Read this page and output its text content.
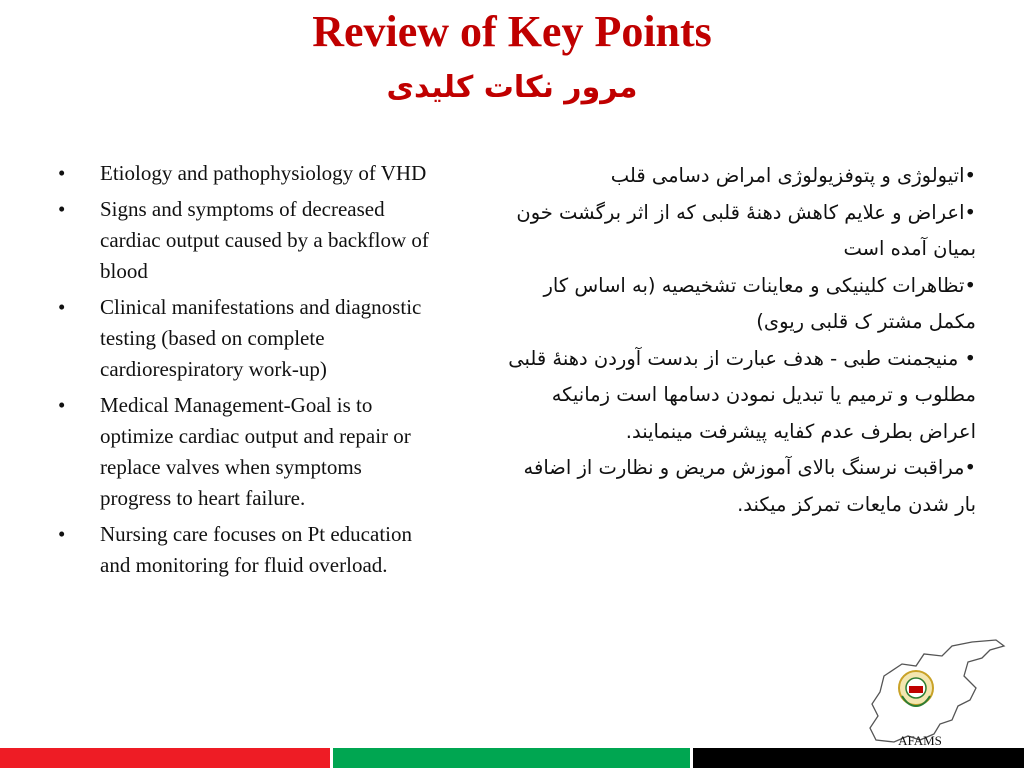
Review of Key Points
مرور نکات کلیدی
• Etiology and pathophysiology of VHD
• Signs and symptoms of decreased cardiac output caused by a backflow of blood
• Clinical manifestations and diagnostic testing (based on complete cardiorespiratory work-up)
• Medical Management-Goal is to optimize cardiac output and repair or replace valves when symptoms progress to heart failure.
• Nursing care focuses on Pt education and monitoring for fluid overload.

•اتیولوژی و پتوفزیولوژی امراض دسامی قلب

•اعراض و علایم کاهش دهنهٔ قلبی که از اثر برگشت خون بمیان آمده است

•تظاهرات کلینیکی و معاینات تشخیصیه (به اساس کار مکمل مشتر ک قلبی ریوی)

• منیجمنت طبی - هدف عبارت از بدست آوردن دهنهٔ قلبی مطلوب و ترمیم یا تبدیل نمودن دسامها است زمانیکه اعراض بطرف عدم کفایه پیشرفت مینمایند.

•مراقبت نرسنگ بالای آموزش مریض و نظارت از اضافه بار شدن مایعات تمرکز میکند.

AFAMS
